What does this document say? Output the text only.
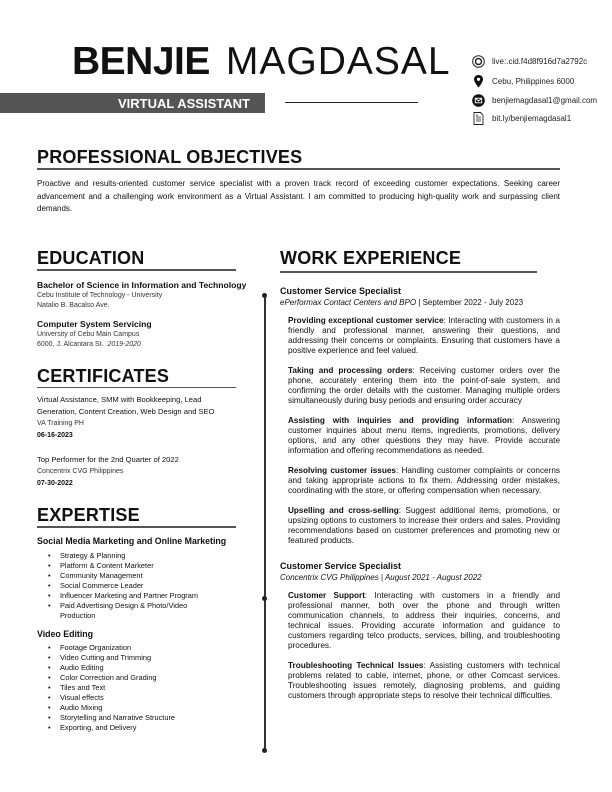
BENJIE MAGDASAL
VIRTUAL ASSISTANT
live:.cid.f4d8f916d7a2792c
Cebu, Philippines 6000
benjiemagdasal1@gmail.com
bit.ly/benjiemagdasal1
PROFESSIONAL OBJECTIVES
Proactive and results-oriented customer service specialist with a proven track record of exceeding customer expectations. Seeking career advancement and a challenging work environment as a Virtual Assistant. I am committed to producing high-quality work and surpassing client demands.
EDUCATION
Bachelor of Science in Information and Technology
Cebu Institute of Technology - University
Natalio B. Bacalso Ave.
Computer System Servicing
University of Cebu Main Campus
6000, J. Alcantara St. 2019-2020
CERTIFICATES
Virtual Assistance, SMM with Bookkeeping, Lead Generation, Content Creation, Web Design and SEO
VA Training PH
06-16-2023
Top Performer for the 2nd Quarter of 2022
Concentrix CVG Philippines
07-30-2022
EXPERTISE
Social Media Marketing and Online Marketing
• Strategy & Planning
• Platform & Content Marketer
• Community Management
• Social Commerce Leader
• Influencer Marketing and Partner Program
• Paid Advertising Design & Photo/Video Production
Video Editing
• Footage Organization
• Video Cutting and Trimming
• Audio Editing
• Color Correction and Grading
• Tiles and Text
• Visual effects
• Audio Mixing
• Storytelling and Narrative Structure
• Exporting, and Delivery
WORK EXPERIENCE
Customer Service Specialist
ePerformax Contact Centers and BPO | September 2022 - July 2023

Providing exceptional customer service: Interacting with customers in a friendly and professional manner, answering their questions, and addressing their concerns or complaints. Ensuring that customers have a positive experience and feel valued.

Taking and processing orders: Receiving customer orders over the phone, accurately entering them into the point-of-sale system, and confirming the order details with the customer. Managing multiple orders simultaneously during busy periods and ensuring order accuracy

Assisting with inquiries and providing information: Answering customer inquiries about menu items, ingredients, promotions, delivery options, and any other questions they may have. Provide accurate information and offering recommendations as needed.

Resolving customer issues: Handling customer complaints or concerns and taking appropriate actions to fix them. Addressing order mistakes, coordinating with the store, or offering compensation when necessary.

Upselling and cross-selling: Suggest additional items, promotions, or upsizing options to customers to increase their orders and sales. Providing recommendations based on customer preferences and promoting new or featured products.

Customer Service Specialist
Concentrix CVG Philippines | August 2021 - August 2022

Customer Support: Interacting with customers in a friendly and professional manner, both over the phone and through written communication channels, to address their inquiries, concerns, and technical issues. Providing accurate information and guidance to customers regarding telco products, services, billing, and troubleshooting procedures.

Troubleshooting Technical Issues: Assisting customers with technical problems related to cable, internet, phone, or other Comcast services. Troubleshooting issues remotely, diagnosing problems, and guiding customers through appropriate steps to resolve their technical difficulties.
